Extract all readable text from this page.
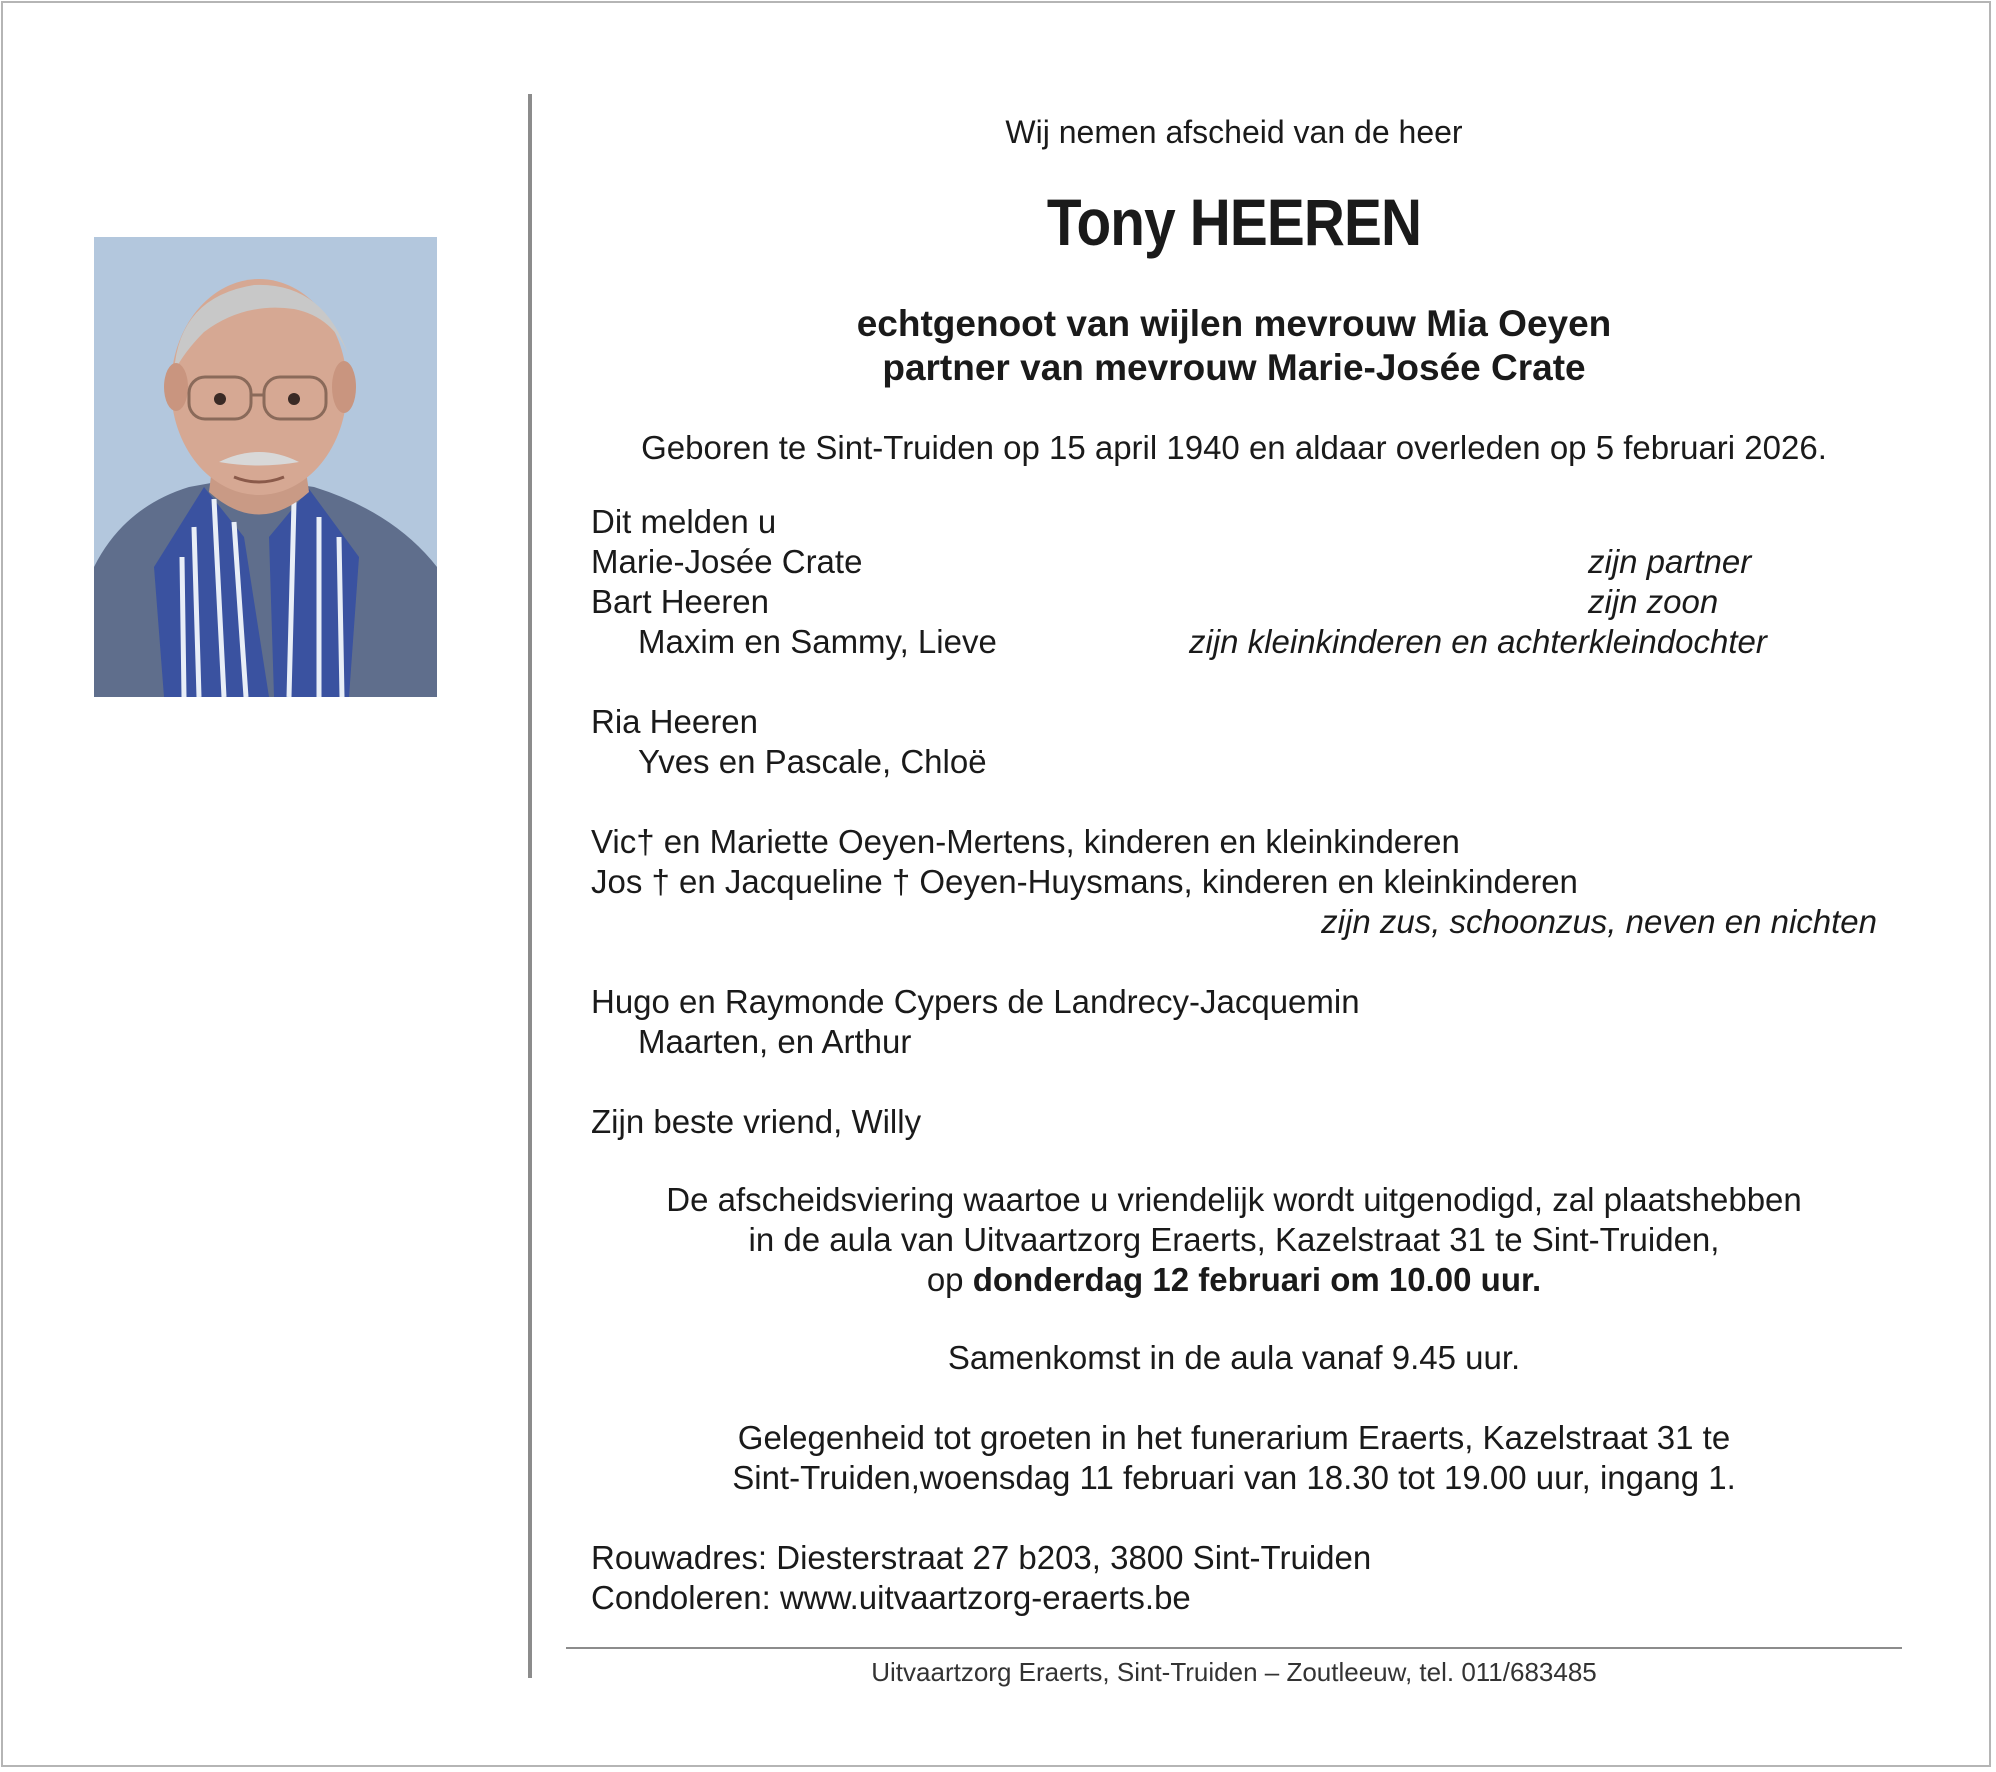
Wij nemen afscheid van de heer
Tony HEEREN
echtgenoot van wijlen mevrouw Mia Oeyen
partner van mevrouw Marie-Josée Crate
Geboren te Sint-Truiden op 15 april 1940 en aldaar overleden op 5 februari 2026.
Dit melden u
Marie-Josée Crate	zijn partner
Bart Heeren	zijn zoon
Maxim en Sammy, Lieve	zijn kleinkinderen en achterkleindochter
Ria Heeren
Yves en Pascale, Chloë
Vic† en Mariette Oeyen-Mertens, kinderen en kleinkinderen
Jos † en Jacqueline † Oeyen-Huysmans, kinderen en kleinkinderen
zijn zus, schoonzus, neven en nichten
Hugo en Raymonde Cypers de Landrecy-Jacquemin
Maarten, en Arthur
Zijn beste vriend, Willy
De afscheidsviering waartoe u vriendelijk wordt uitgenodigd, zal plaatshebben
in de aula van Uitvaartzorg Eraerts, Kazelstraat 31 te Sint-Truiden,
op donderdag 12 februari om 10.00 uur.
Samenkomst in de aula vanaf 9.45 uur.
Gelegenheid tot groeten in het funerarium Eraerts, Kazelstraat 31 te
Sint-Truiden,woensdag 11 februari van 18.30 tot 19.00 uur, ingang 1.
Rouwadres: Diesterstraat 27 b203, 3800 Sint-Truiden
Condoleren: www.uitvaartzorg-eraerts.be
Uitvaartzorg Eraerts, Sint-Truiden – Zoutleeuw, tel. 011/683485
